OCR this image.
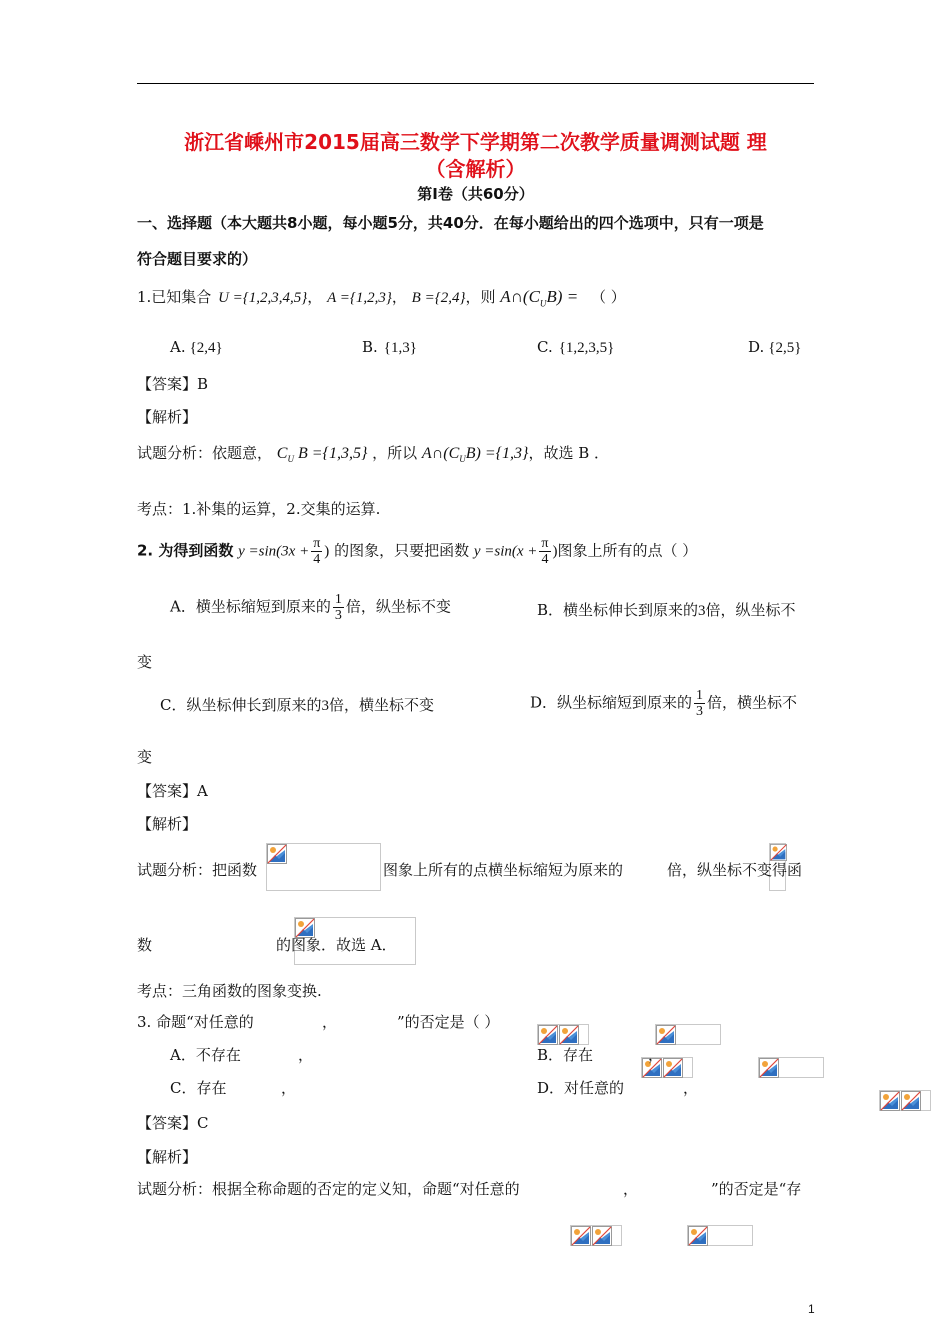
浙江省嵊州市2015届高三数学下学期第二次教学质量调测试题 理
（含解析）
第Ⅰ卷（共60分）
一、选择题（本大题共8小题，每小题5分，共40分．在每小题给出的四个选项中，只有一项是
符合题目要求的）
1.已知集合 U ={1,2,3,4,5}， A ={1,2,3}， B ={2,4}，则 $A\cap(C_UB)$ = （ ）
A. {2,4}	B. {1,3}	C. {1,2,3,5}	D. {2,5}
【答案】B
【解析】
试题分析：依题意， $C_U$ B ={1,3,5} ，所以 $A\cap(C_UB) =\{1,3\}$，故选 B ．
考点：1.补集的运算，2.交集的运算.
2. 为得到函数 $y =\sin(3x + \frac{\pi}{4}$ ) 的图象，只要把函数 $y =\sin(x + \frac{\pi}{4}$ )图象上所有的点（ ）
A．横坐标缩短到原来的 $\frac{1}{3}$ 倍，纵坐标不变	B．横坐标伸长到原来的3倍，纵坐标不
变
C．纵坐标伸长到原来的3倍，横坐标不变	D．纵坐标缩短到原来的 $\frac{1}{3}$ 倍，横坐标不
变
【答案】A
【解析】
试题分析：把函数
	图象上所有的点横坐标缩短为原来的
	倍，纵坐标不变得函
数
	的图象．故选 A．
考点：三角函数的图象变换.
3. 命题“对任意的
	，
	”的否定是（ ）
A．不存在
	，
	B．存在
	，

C．存在
	，
	D．对任意的
	，

【答案】C
【解析】
试题分析：根据全称命题的否定的定义知，命题“对任意的
	，	”的否定是“存
1
